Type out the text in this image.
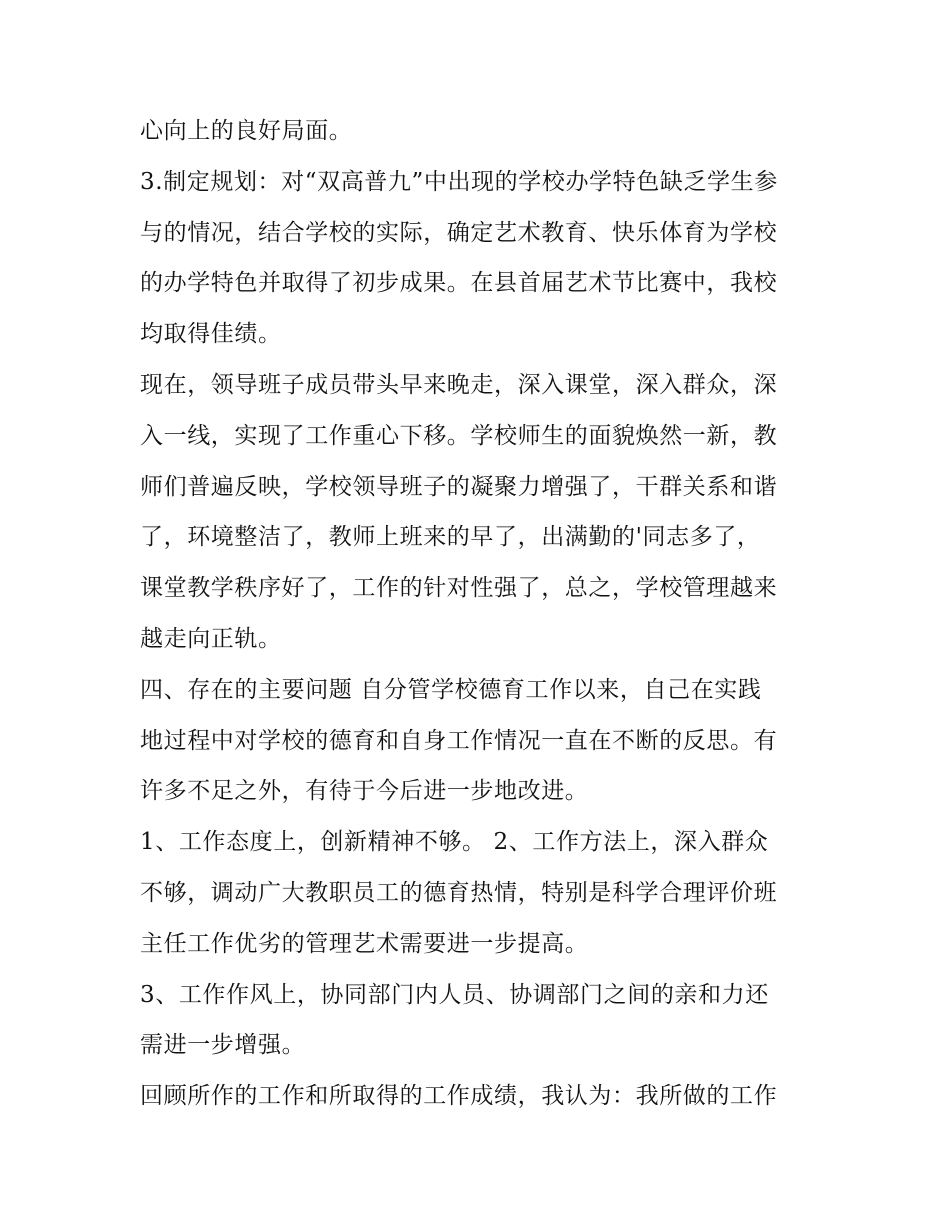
心向上的良好局面。
3.制定规划：对“双高普九”中出现的学校办学特色缺乏学生参
与的情况，结合学校的实际，确定艺术教育、快乐体育为学校
的办学特色并取得了初步成果。在县首届艺术节比赛中，我校
均取得佳绩。
现在，领导班子成员带头早来晚走，深入课堂，深入群众，深
入一线，实现了工作重心下移。学校师生的面貌焕然一新，教
师们普遍反映，学校领导班子的凝聚力增强了，干群关系和谐
了，环境整洁了，教师上班来的早了，出满勤的'同志多了，
课堂教学秩序好了，工作的针对性强了，总之，学校管理越来
越走向正轨。
四、存在的主要问题 自分管学校德育工作以来，自己在实践
地过程中对学校的德育和自身工作情况一直在不断的反思。有
许多不足之外，有待于今后进一步地改进。
1、工作态度上，创新精神不够。 2、工作方法上，深入群众
不够，调动广大教职员工的德育热情，特别是科学合理评价班
主任工作优劣的管理艺术需要进一步提高。
3、工作作风上，协同部门内人员、协调部门之间的亲和力还
需进一步增强。
回顾所作的工作和所取得的工作成绩，我认为：我所做的工作
